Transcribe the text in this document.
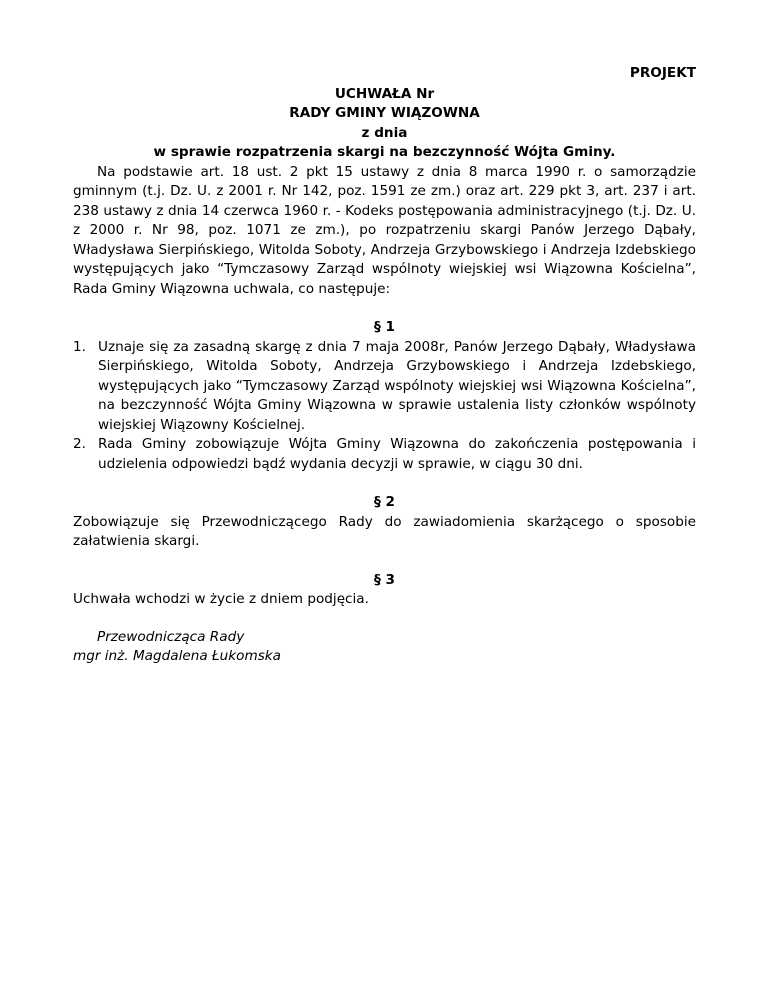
PROJEKT

UCHWAŁA Nr
RADY GMINY WIĄZOWNA
z dnia
w sprawie rozpatrzenia skargi na bezczynność Wójta Gminy.

Na podstawie art. 18 ust. 2 pkt 15 ustawy z dnia 8 marca 1990 r. o samorządzie gminnym (t.j. Dz. U. z 2001 r. Nr 142, poz. 1591 ze zm.) oraz art. 229 pkt 3, art. 237 i art. 238 ustawy z dnia 14 czerwca 1960 r. - Kodeks postępowania administracyjnego (t.j. Dz. U. z 2000 r. Nr 98, poz. 1071 ze zm.), po rozpatrzeniu skargi Panów Jerzego Dąbały, Władysława Sierpińskiego, Witolda Soboty, Andrzeja Grzybowskiego i Andrzeja Izdebskiego występujących jako “Tymczasowy Zarząd wspólnoty wiejskiej wsi Wiązowna Kościelna”, Rada Gminy Wiązowna uchwala, co następuje:

§ 1

1. Uznaje się za zasadną skargę z dnia 7 maja 2008r, Panów Jerzego Dąbały, Władysława Sierpińskiego, Witolda Soboty, Andrzeja Grzybowskiego i Andrzeja Izdebskiego, występujących jako “Tymczasowy Zarząd wspólnoty wiejskiej wsi Wiązowna Kościelna”, na bezczynność Wójta Gminy Wiązowna w sprawie ustalenia listy członków wspólnoty wiejskiej Wiązowny Kościelnej.
2. Rada Gminy zobowiązuje Wójta Gminy Wiązowna do zakończenia postępowania i udzielenia odpowiedzi bądź wydania decyzji w sprawie, w ciągu 30 dni.

§ 2

Zobowiązuje się Przewodniczącego Rady do zawiadomienia skarżącego o sposobie załatwienia skargi.

§ 3

Uchwała wchodzi w życie z dniem podjęcia.

Przewodnicząca Rady
mgr inż. Magdalena Łukomska
